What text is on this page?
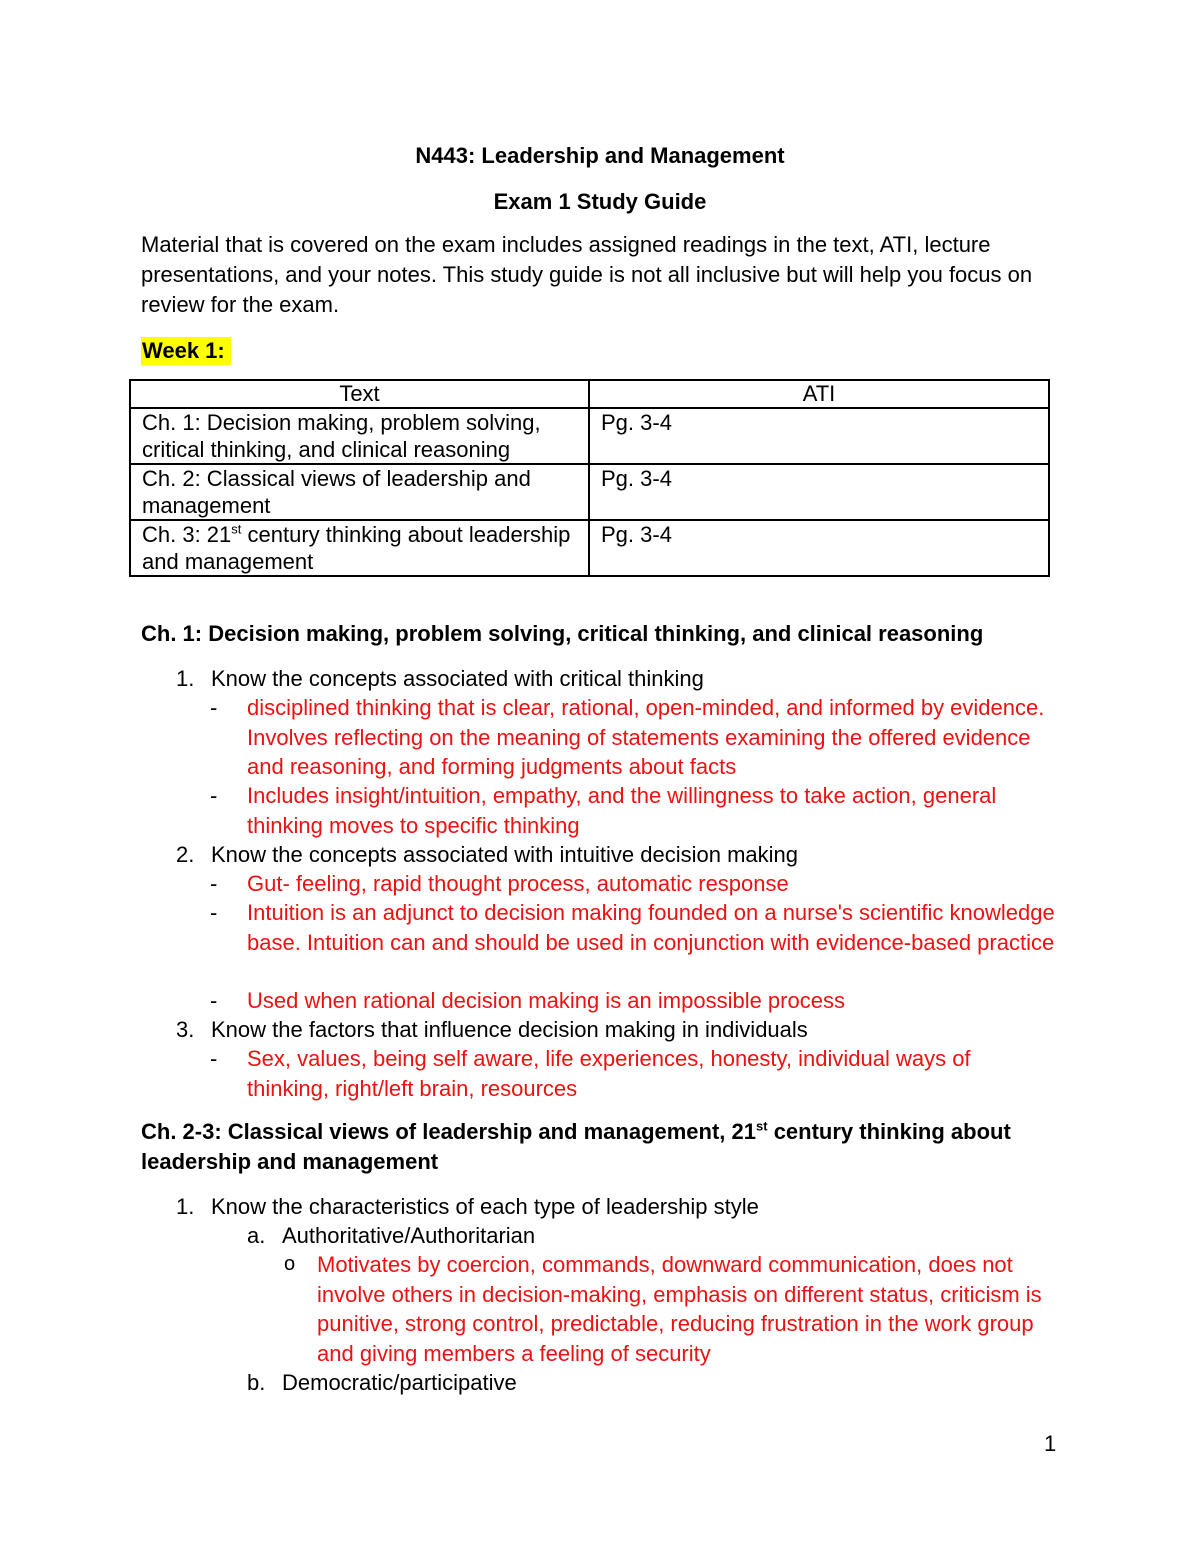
N443: Leadership and Management
Exam 1 Study Guide
Material that is covered on the exam includes assigned readings in the text, ATI, lecture presentations, and your notes. This study guide is not all inclusive but will help you focus on review for the exam.
Week 1:
Text	ATI
Ch. 1: Decision making, problem solving, critical thinking, and clinical reasoning	Pg. 3-4
Ch. 2: Classical views of leadership and management	Pg. 3-4
Ch. 3: 21st century thinking about leadership and management	Pg. 3-4
Ch. 1: Decision making, problem solving, critical thinking, and clinical reasoning
1. Know the concepts associated with critical thinking
- disciplined thinking that is clear, rational, open-minded, and informed by evidence. Involves reflecting on the meaning of statements examining the offered evidence and reasoning, and forming judgments about facts
- Includes insight/intuition, empathy, and the willingness to take action, general thinking moves to specific thinking
2. Know the concepts associated with intuitive decision making
- Gut- feeling, rapid thought process, automatic response
- Intuition is an adjunct to decision making founded on a nurse's scientific knowledge base. Intuition can and should be used in conjunction with evidence-based practice
- Used when rational decision making is an impossible process
3. Know the factors that influence decision making in individuals
- Sex, values, being self aware, life experiences, honesty, individual ways of thinking, right/left brain, resources
Ch. 2-3: Classical views of leadership and management, 21st century thinking about leadership and management
1. Know the characteristics of each type of leadership style
a. Authoritative/Authoritarian
o Motivates by coercion, commands, downward communication, does not involve others in decision-making, emphasis on different status, criticism is punitive, strong control, predictable, reducing frustration in the work group and giving members a feeling of security
b. Democratic/participative
1
